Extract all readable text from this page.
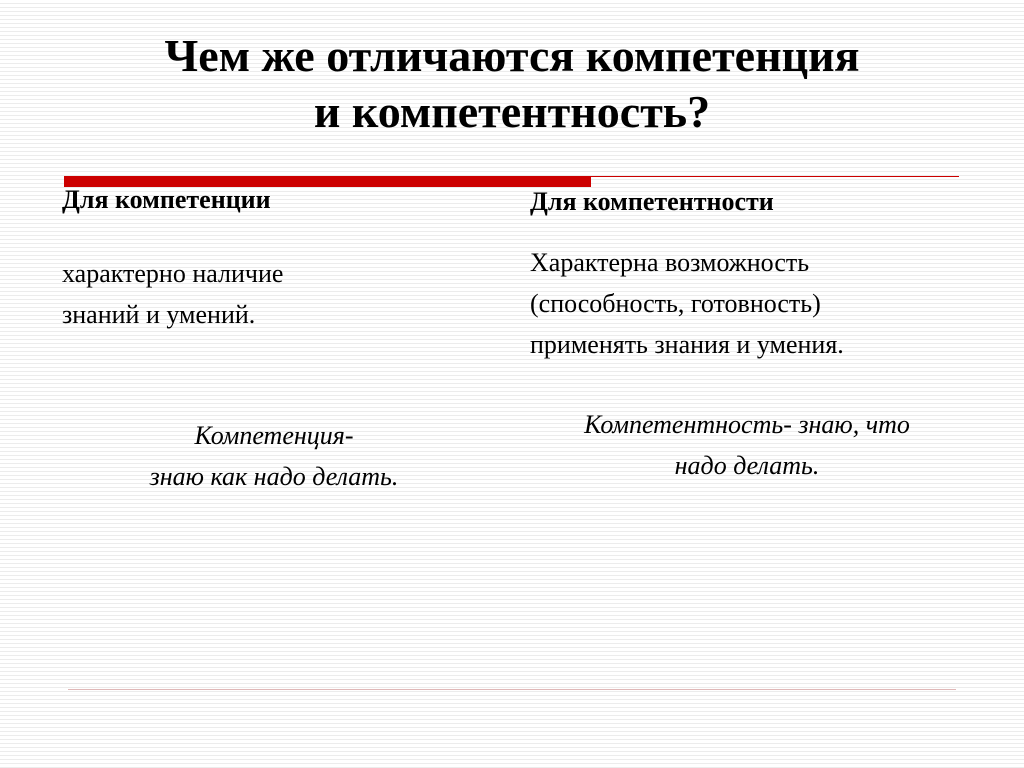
Чем же отличаются компетенция
и компетентность?
Для компетенции	Для компетентности
характерно наличие
знаний и умений.
Характерна возможность
(способность, готовность)
применять знания и умения.
Компетенция-
знаю как надо делать.
Компетентность- знаю, что
надо делать.
